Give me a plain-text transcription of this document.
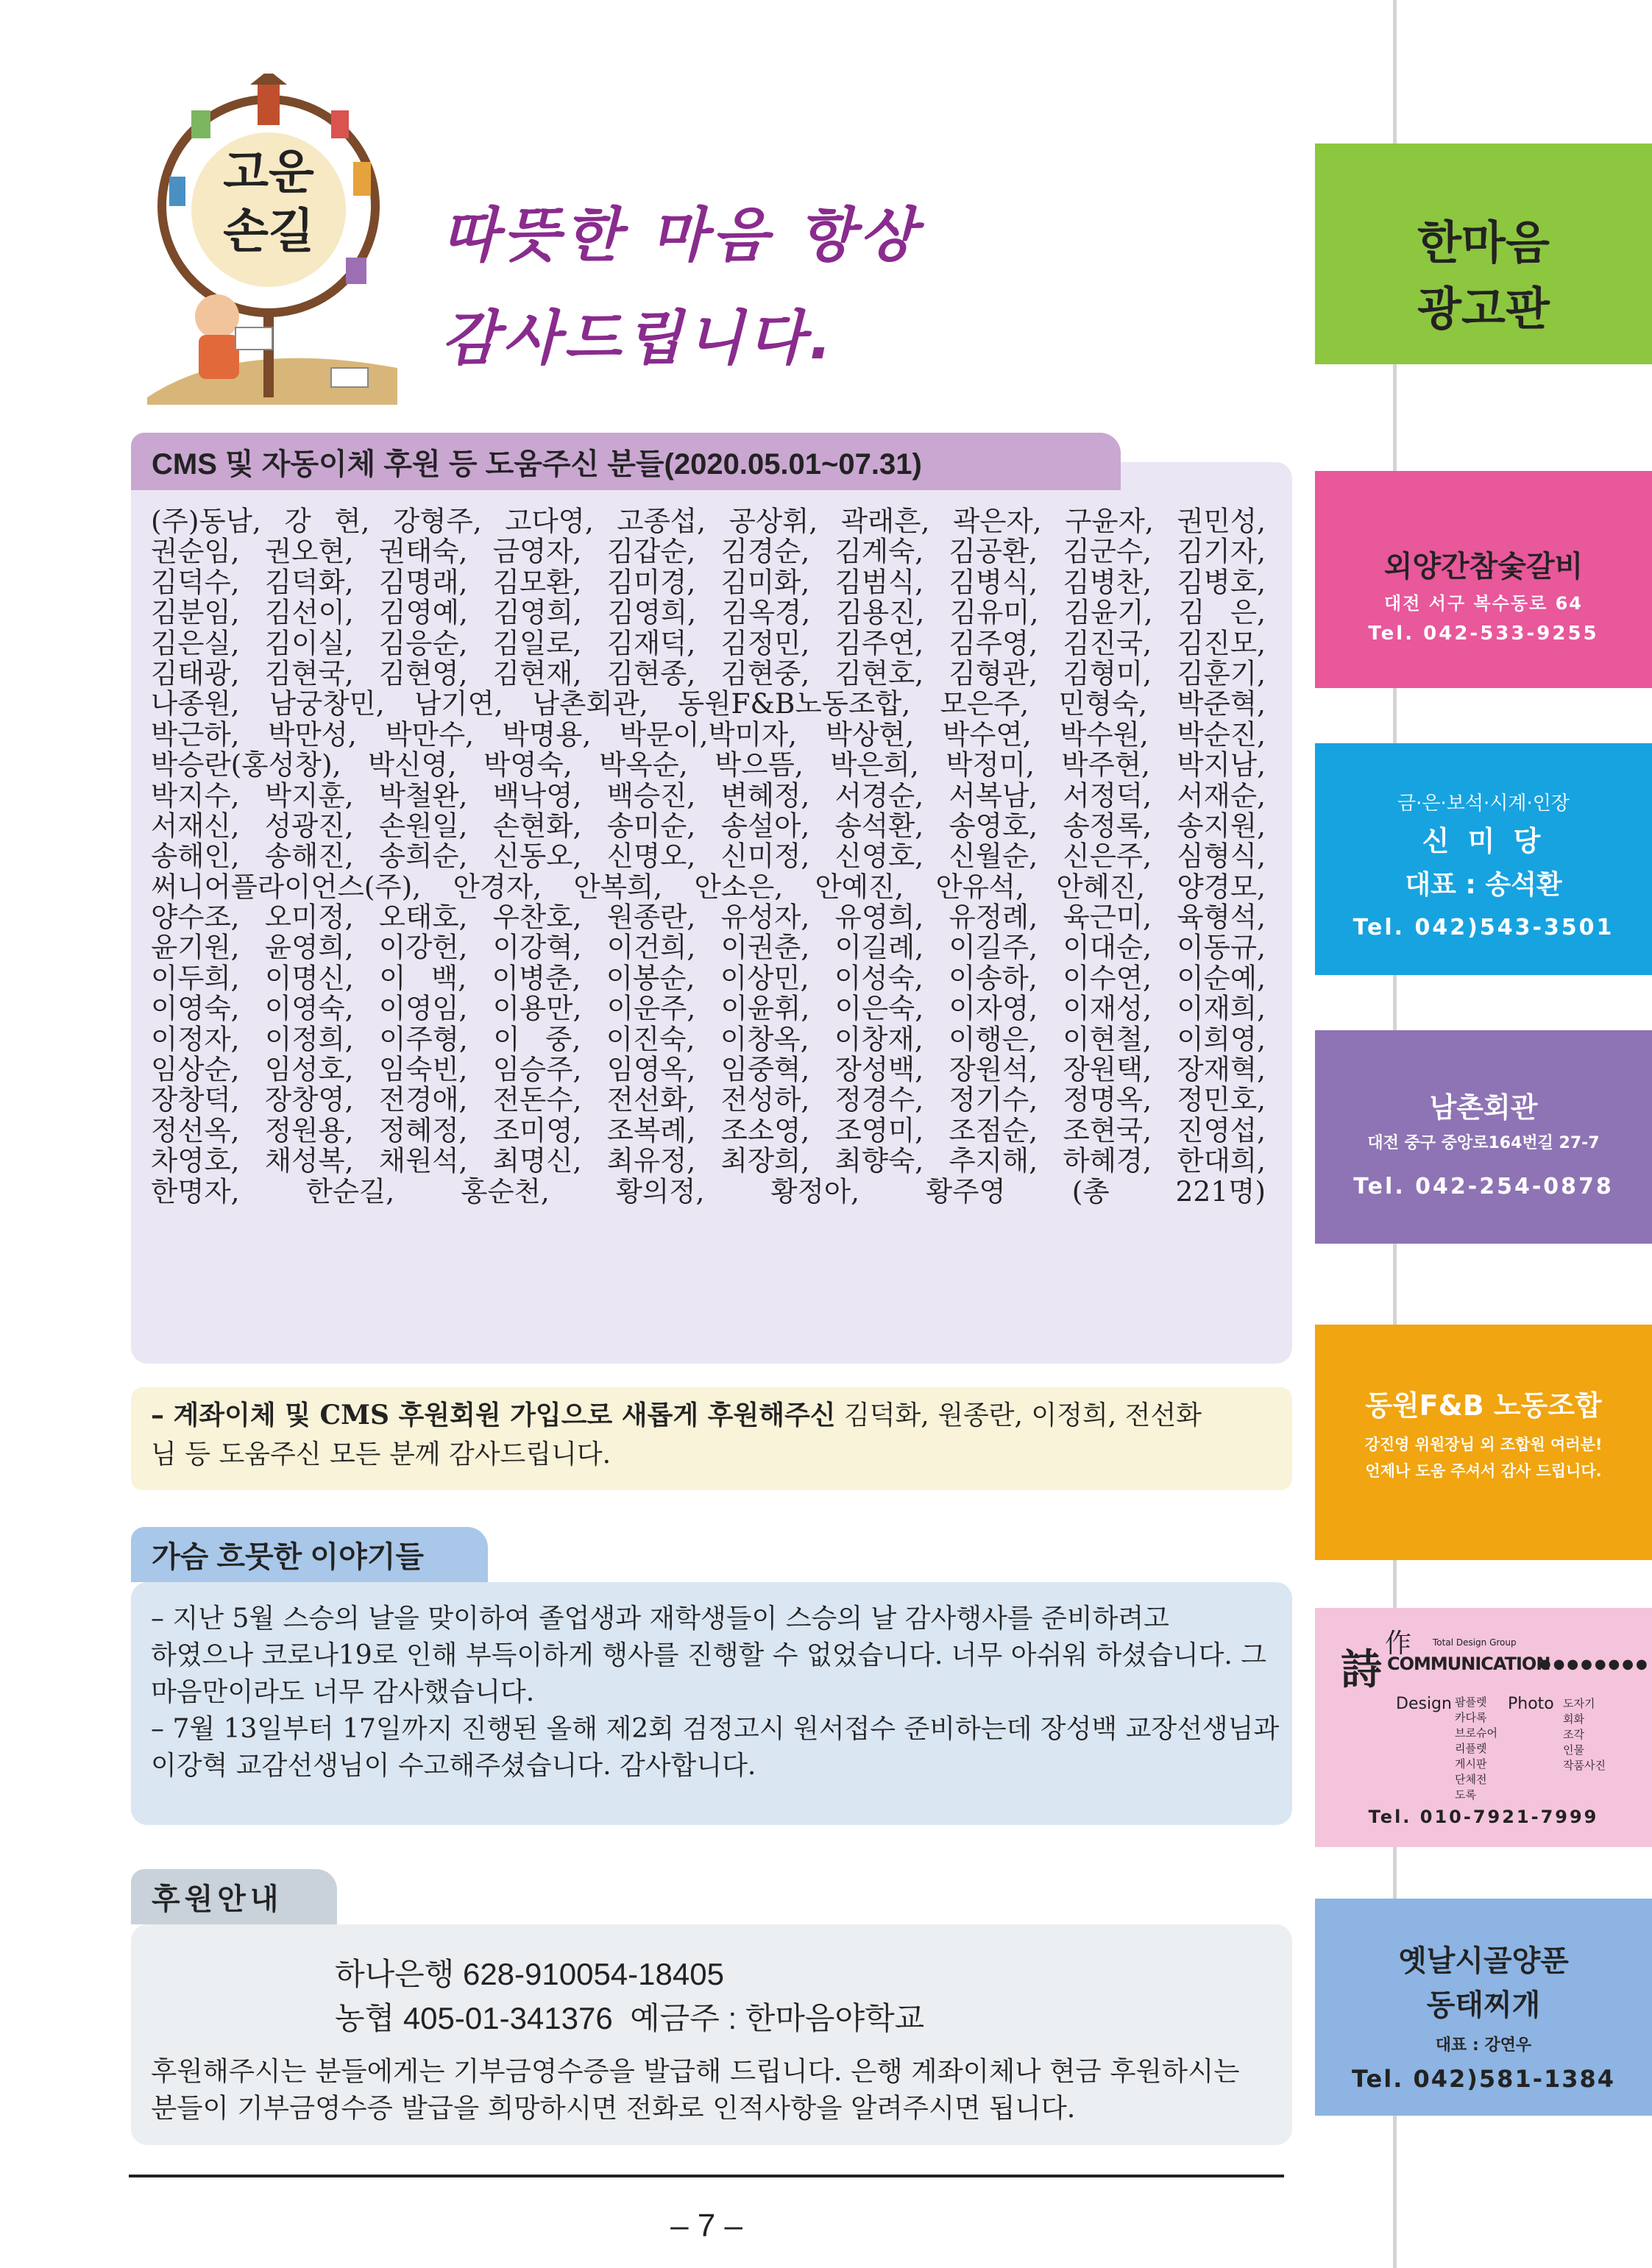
고운
손길	따뜻한 마음 항상
감사드립니다.
CMS 및 자동이체 후원 등 도움주신 분들(2020.05.01~07.31)
(주)동남, 강 현, 강형주, 고다영, 고종섭, 공상휘, 곽래흔, 곽은자, 구윤자, 권민성,
권순임, 권오현, 권태숙, 금영자, 김갑순, 김경순, 김계숙, 김공환, 김군수, 김기자,
김덕수, 김덕화, 김명래, 김모환, 김미경, 김미화, 김범식, 김병식, 김병찬, 김병호,
김분임, 김선이, 김영예, 김영희, 김영희, 김옥경, 김용진, 김유미, 김윤기, 김 은,
김은실, 김이실, 김응순, 김일로, 김재덕, 김정민, 김주연, 김주영, 김진국, 김진모,
김태광, 김현국, 김현영, 김현재, 김현종, 김현중, 김현호, 김형관, 김형미, 김훈기,
나종원, 남궁창민, 남기연, 남촌회관, 동원F&B노동조합, 모은주, 민형숙, 박준혁,
박근하, 박만성, 박만수, 박명용, 박문이,박미자, 박상현, 박수연, 박수원, 박순진,
박승란(홍성창), 박신영, 박영숙, 박옥순, 박으뜸, 박은희, 박정미, 박주현, 박지남,
박지수, 박지훈, 박철완, 백낙영, 백승진, 변혜정, 서경순, 서복남, 서정덕, 서재순,
서재신, 성광진, 손원일, 손현화, 송미순, 송설아, 송석환, 송영호, 송정록, 송지원,
송해인, 송해진, 송희순, 신동오, 신명오, 신미정, 신영호, 신월순, 신은주, 심형식,
써니어플라이언스(주), 안경자, 안복희, 안소은, 안예진, 안유석, 안혜진, 양경모,
양수조, 오미정, 오태호, 우찬호, 원종란, 유성자, 유영희, 유정례, 육근미, 육형석,
윤기원, 윤영희, 이강헌, 이강혁, 이건희, 이권춘, 이길례, 이길주, 이대순, 이동규,
이두희, 이명신, 이 백, 이병춘, 이봉순, 이상민, 이성숙, 이송하, 이수연, 이순예,
이영숙, 이영숙, 이영임, 이용만, 이운주, 이윤휘, 이은숙, 이자영, 이재성, 이재희,
이정자, 이정희, 이주형, 이 중, 이진숙, 이창옥, 이창재, 이행은, 이현철, 이희영,
임상순, 임성호, 임숙빈, 임승주, 임영옥, 임중혁, 장성백, 장원석, 장원택, 장재혁,
장창덕, 장창영, 전경애, 전돈수, 전선화, 전성하, 정경수, 정기수, 정명옥, 정민호,
정선옥, 정원용, 정혜정, 조미영, 조복례, 조소영, 조영미, 조점순, 조현국, 진영섭,
차영호, 채성복, 채원석, 최명신, 최유정, 최장희, 최향숙, 추지해, 하혜경, 한대희,
한명자, 한순길, 홍순천, 황의정, 황정아, 황주영 (총 221명)
– 계좌이체 및 CMS 후원회원 가입으로 새롭게 후원해주신 김덕화, 원종란, 이정희, 전선화
님 등 도움주신 모든 분께 감사드립니다.
가슴 흐뭇한 이야기들
– 지난 5월 스승의 날을 맞이하여 졸업생과 재학생들이 스승의 날 감사행사를 준비하려고
하였으나 코로나19로 인해 부득이하게 행사를 진행할 수 없었습니다. 너무 아쉬워 하셨습니다. 그
마음만이라도 너무 감사했습니다.
– 7월 13일부터 17일까지 진행된 올해 제2회 검정고시 원서접수 준비하는데 장성백 교장선생님과
이강혁 교감선생님이 수고해주셨습니다. 감사합니다.
후원안내
하나은행 628-910054-18405
농협 405-01-341376  예금주 : 한마음야학교
후원해주시는 분들에게는 기부금영수증을 발급해 드립니다. 은행 계좌이체나 현금 후원하시는
분들이 기부금영수증 발급을 희망하시면 전화로 인적사항을 알려주시면 됩니다.
– 7 –
한마음
광고판
외양간참숯갈비
대전 서구 복수동로 64
Tel. 042-533-9255
금·은·보석·시계·인장
신 미 당
대표 : 송석환
Tel. 042)543-3501
남촌회관
대전 중구 중앙로164번길 27-7
Tel. 042-254-0878
동원F&B 노동조합
강진영 위원장님 외 조합원 여러분!
언제나 도움 주셔서 감사 드립니다.
詩
作 Total Design Group
COMMUNICATION
●●●●●●●●
Design 팜플렛
카다록
브로슈어
리플렛
게시판
단체전
도록
Photo 도자기
회화
조각
인물
작품사진
Tel. 010-7921-7999
옛날시골양푼
동태찌개
대표 : 강연우
Tel. 042)581-1384
